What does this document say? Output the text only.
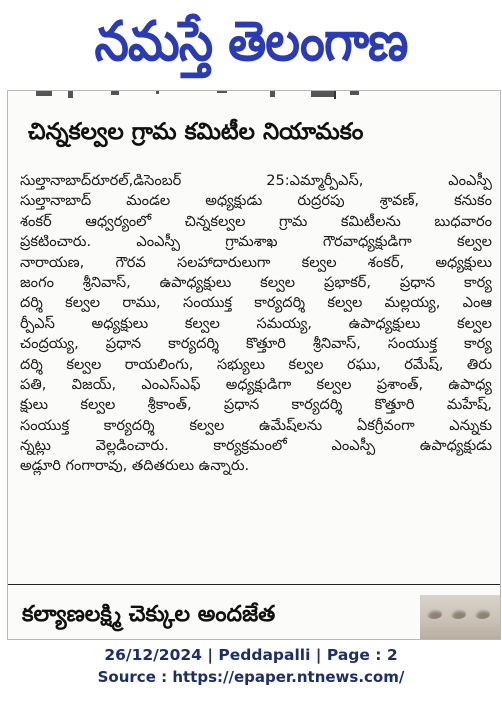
నమస్తే తెలంగాణ
చిన్నకల్వల గ్రామ కమిటీల నియామకం
సుల్తానాబాద్‌రూరల్,డిసెంబర్ 25:ఎమ్మార్పీఎస్, ఎంఎస్పీ
సుల్తానాబాద్ మండల అధ్యక్షుడు రుద్రరపు శ్రావణ్, కనుకం
శంకర్ ఆధ్వర్యంలో చిన్నకల్వల గ్రామ కమిటీలను బుధవారం
ప్రకటించారు. ఎంఎస్పీ గ్రామశాఖ గౌరవాధ్యక్షుడిగా కల్వల
నారాయణ, గౌరవ సలహాదారులుగా కల్వల శంకర్, అధ్యక్షులు
జంగం శ్రీనివాస్, ఉపాధ్యక్షులు కల్వల ప్రభాకర్, ప్రధాన కార్య
దర్శి కల్వల రాము, సంయుక్త కార్యదర్శి కల్వల మల్లయ్య, ఎంఆ
ర్పీఎస్ అధ్యక్షులు కల్వల సమయ్య, ఉపాధ్యక్షులు కల్వల
చంద్రయ్య, ప్రధాన కార్యదర్శి కొత్తూరి శ్రీనివాస్, సంయుక్త కార్య
దర్శి కల్వల రాయలింగు, సభ్యులు కల్వల రఘు, రమేష్, తిరు
పతి, విజయ్, ఎంఎస్ఎఫ్ అధ్యక్షుడిగా కల్వల ప్రశాంత్, ఉపాధ్య
క్షులు కల్వల శ్రీకాంత్, ప్రధాన కార్యదర్శి కొత్తూరి మహేష్,
సంయుక్త కార్యదర్శి కల్వల ఉమేష్‌లను ఏకగ్రీవంగా ఎన్నుకు
న్నట్లు వెల్లడించారు. కార్యక్రమంలో ఎంఎస్పీ ఉపాధ్యక్షుడు
అడ్లూరి గంగారావు, తదితరులు ఉన్నారు.
కల్యాణలక్ష్మి చెక్కుల అందజేత
26/12/2024 | Peddapalli | Page : 2
Source : https://epaper.ntnews.com/
